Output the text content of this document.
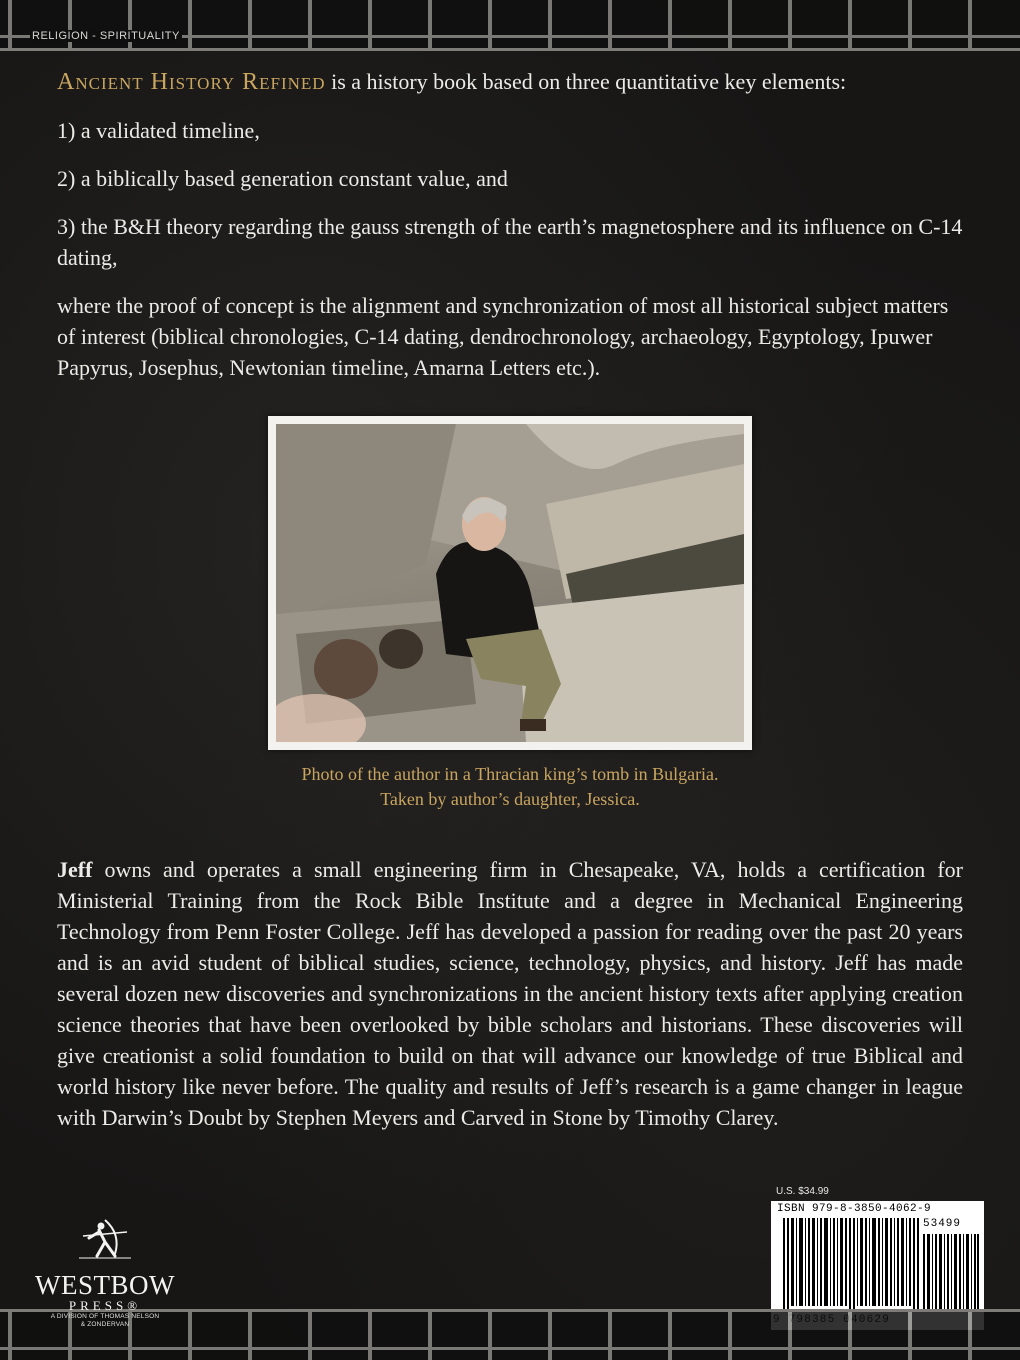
RELIGION - SPIRITUALITY

Ancient History Refined is a history book based on three quantitative key elements:

1) a validated timeline,

2) a biblically based generation constant value, and

3) the B&H theory regarding the gauss strength of the earth’s magnetosphere and its influence on C-14 dating,

where the proof of concept is the alignment and synchronization of most all historical subject matters of interest (biblical chronologies, C-14 dating, dendrochronology, archaeology, Egyptology, Ipuwer Papyrus, Josephus, Newtonian timeline, Amarna Letters etc.).

Photo of the author in a Thracian king’s tomb in Bulgaria.
Taken by author’s daughter, Jessica.
Jeff owns and operates a small engineering firm in Chesapeake, VA, holds a certification for Ministerial Training from the Rock Bible Institute and a degree in Mechanical Engineering Technology from Penn Foster College. Jeff has developed a passion for reading over the past 20 years and is an avid student of biblical studies, science, technology, physics, and history. Jeff has made several dozen new discoveries and synchronizations in the ancient history texts after applying creation science theories that have been overlooked by bible scholars and historians. These discoveries will give creationist a solid foundation to build on that will advance our knowledge of true Biblical and world history like never before. The quality and results of Jeff’s research is a game changer in league with Darwin’s Doubt by Stephen Meyers and Carved in Stone by Timothy Clarey.
U.S. $34.99
ISBN 979-8-3850-4062-9
53499
WESTBOW
PRESS®
A DIVISION OF THOMAS NELSON
& ZONDERVAN
